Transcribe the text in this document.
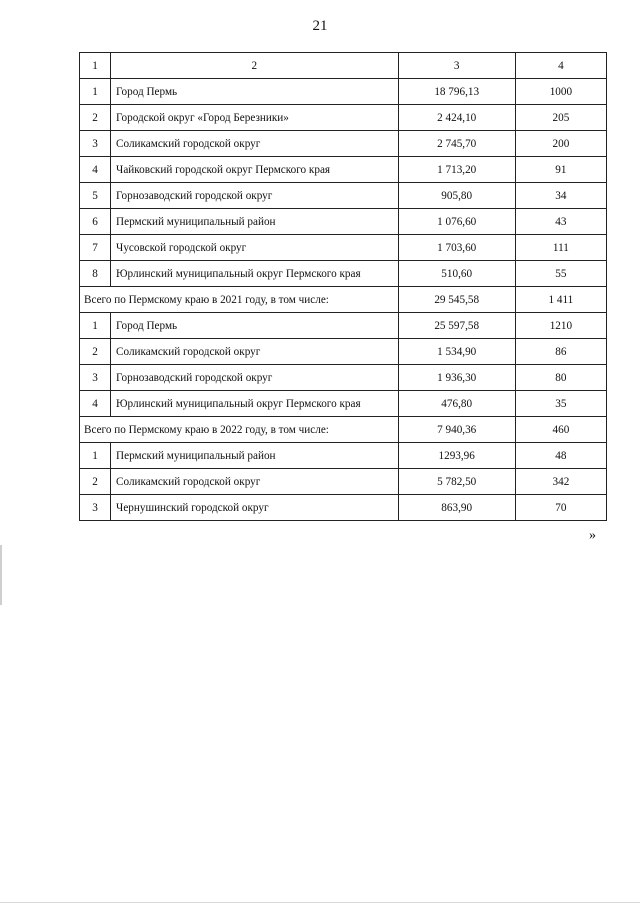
21
1	2	3	4
1	Город Пермь	18 796,13	1000
2	Городской округ «Город Березники»	2 424,10	205
3	Соликамский городской округ	2 745,70	200
4	Чайковский городской округ Пермского края	1 713,20	91
5	Горнозаводский городской округ	905,80	34
6	Пермский муниципальный район	1 076,60	43
7	Чусовской городской округ	1 703,60	111
8	Юрлинский муниципальный округ Пермского края	510,60	55
Всего по Пермскому краю в 2021 году, в том числе:		29 545,58	1 411
1	Город Пермь	25 597,58	1210
2	Соликамский городской округ	1 534,90	86
3	Горнозаводский городской округ	1 936,30	80
4	Юрлинский муниципальный округ Пермского края	476,80	35
Всего по Пермскому краю в 2022 году, в том числе:		7 940,36	460
1	Пермский муниципальный район	1293,96	48
2	Соликамский городской округ	5 782,50	342
3	Чернушинский городской округ	863,90	70
»
